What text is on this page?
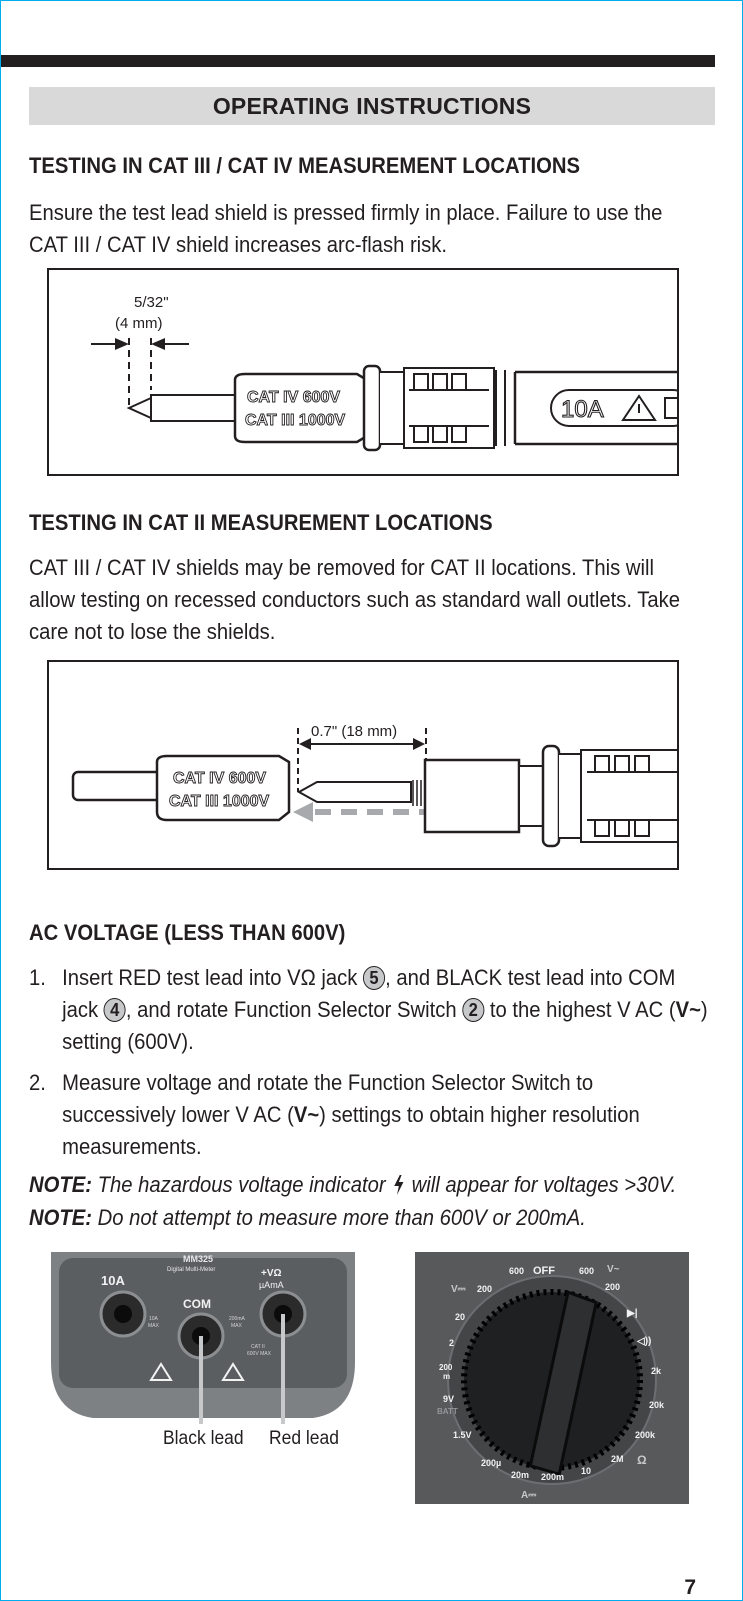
OPERATING INSTRUCTIONS
TESTING IN CAT III / CAT IV MEASUREMENT LOCATIONS
Ensure the test lead shield is pressed firmly in place. Failure to use the CAT III / CAT IV shield increases arc-flash risk.
5/32"
(4 mm)
CAT IV 600V
CAT III 1000V	10A
TESTING IN CAT II MEASUREMENT LOCATIONS
CAT III / CAT IV shields may be removed for CAT II locations. This will allow testing on recessed conductors such as standard wall outlets. Take care not to lose the shields.
0.7" (18 mm)
CAT IV 600V
CAT III 1000V
AC VOLTAGE (LESS THAN 600V)
1. Insert RED test lead into VΩ jack 5 , and BLACK test lead into COM jack 4 , and rotate Function Selector Switch 2 to the highest V AC (V~) setting (600V).
2. Measure voltage and rotate the Function Selector Switch to successively lower V AC (V~) settings to obtain higher resolution measurements.
NOTE: The hazardous voltage indicator  will appear for voltages >30V.
NOTE: Do not attempt to measure more than 600V or 200mA.
MM325
Digital Multi-Meter
10A
COM
+VΩ
µAmA
10A
MAX
200mA
MAX
CAT II
600V MAX
Black lead Red lead
OFF
600	600
V⎓ 200
V~
200
20
2
200
m
9V
BATT
1.5V
200µ
20m 200m
10
A⎓
▶|
◁))
2k
20k
200k
2M Ω
7
